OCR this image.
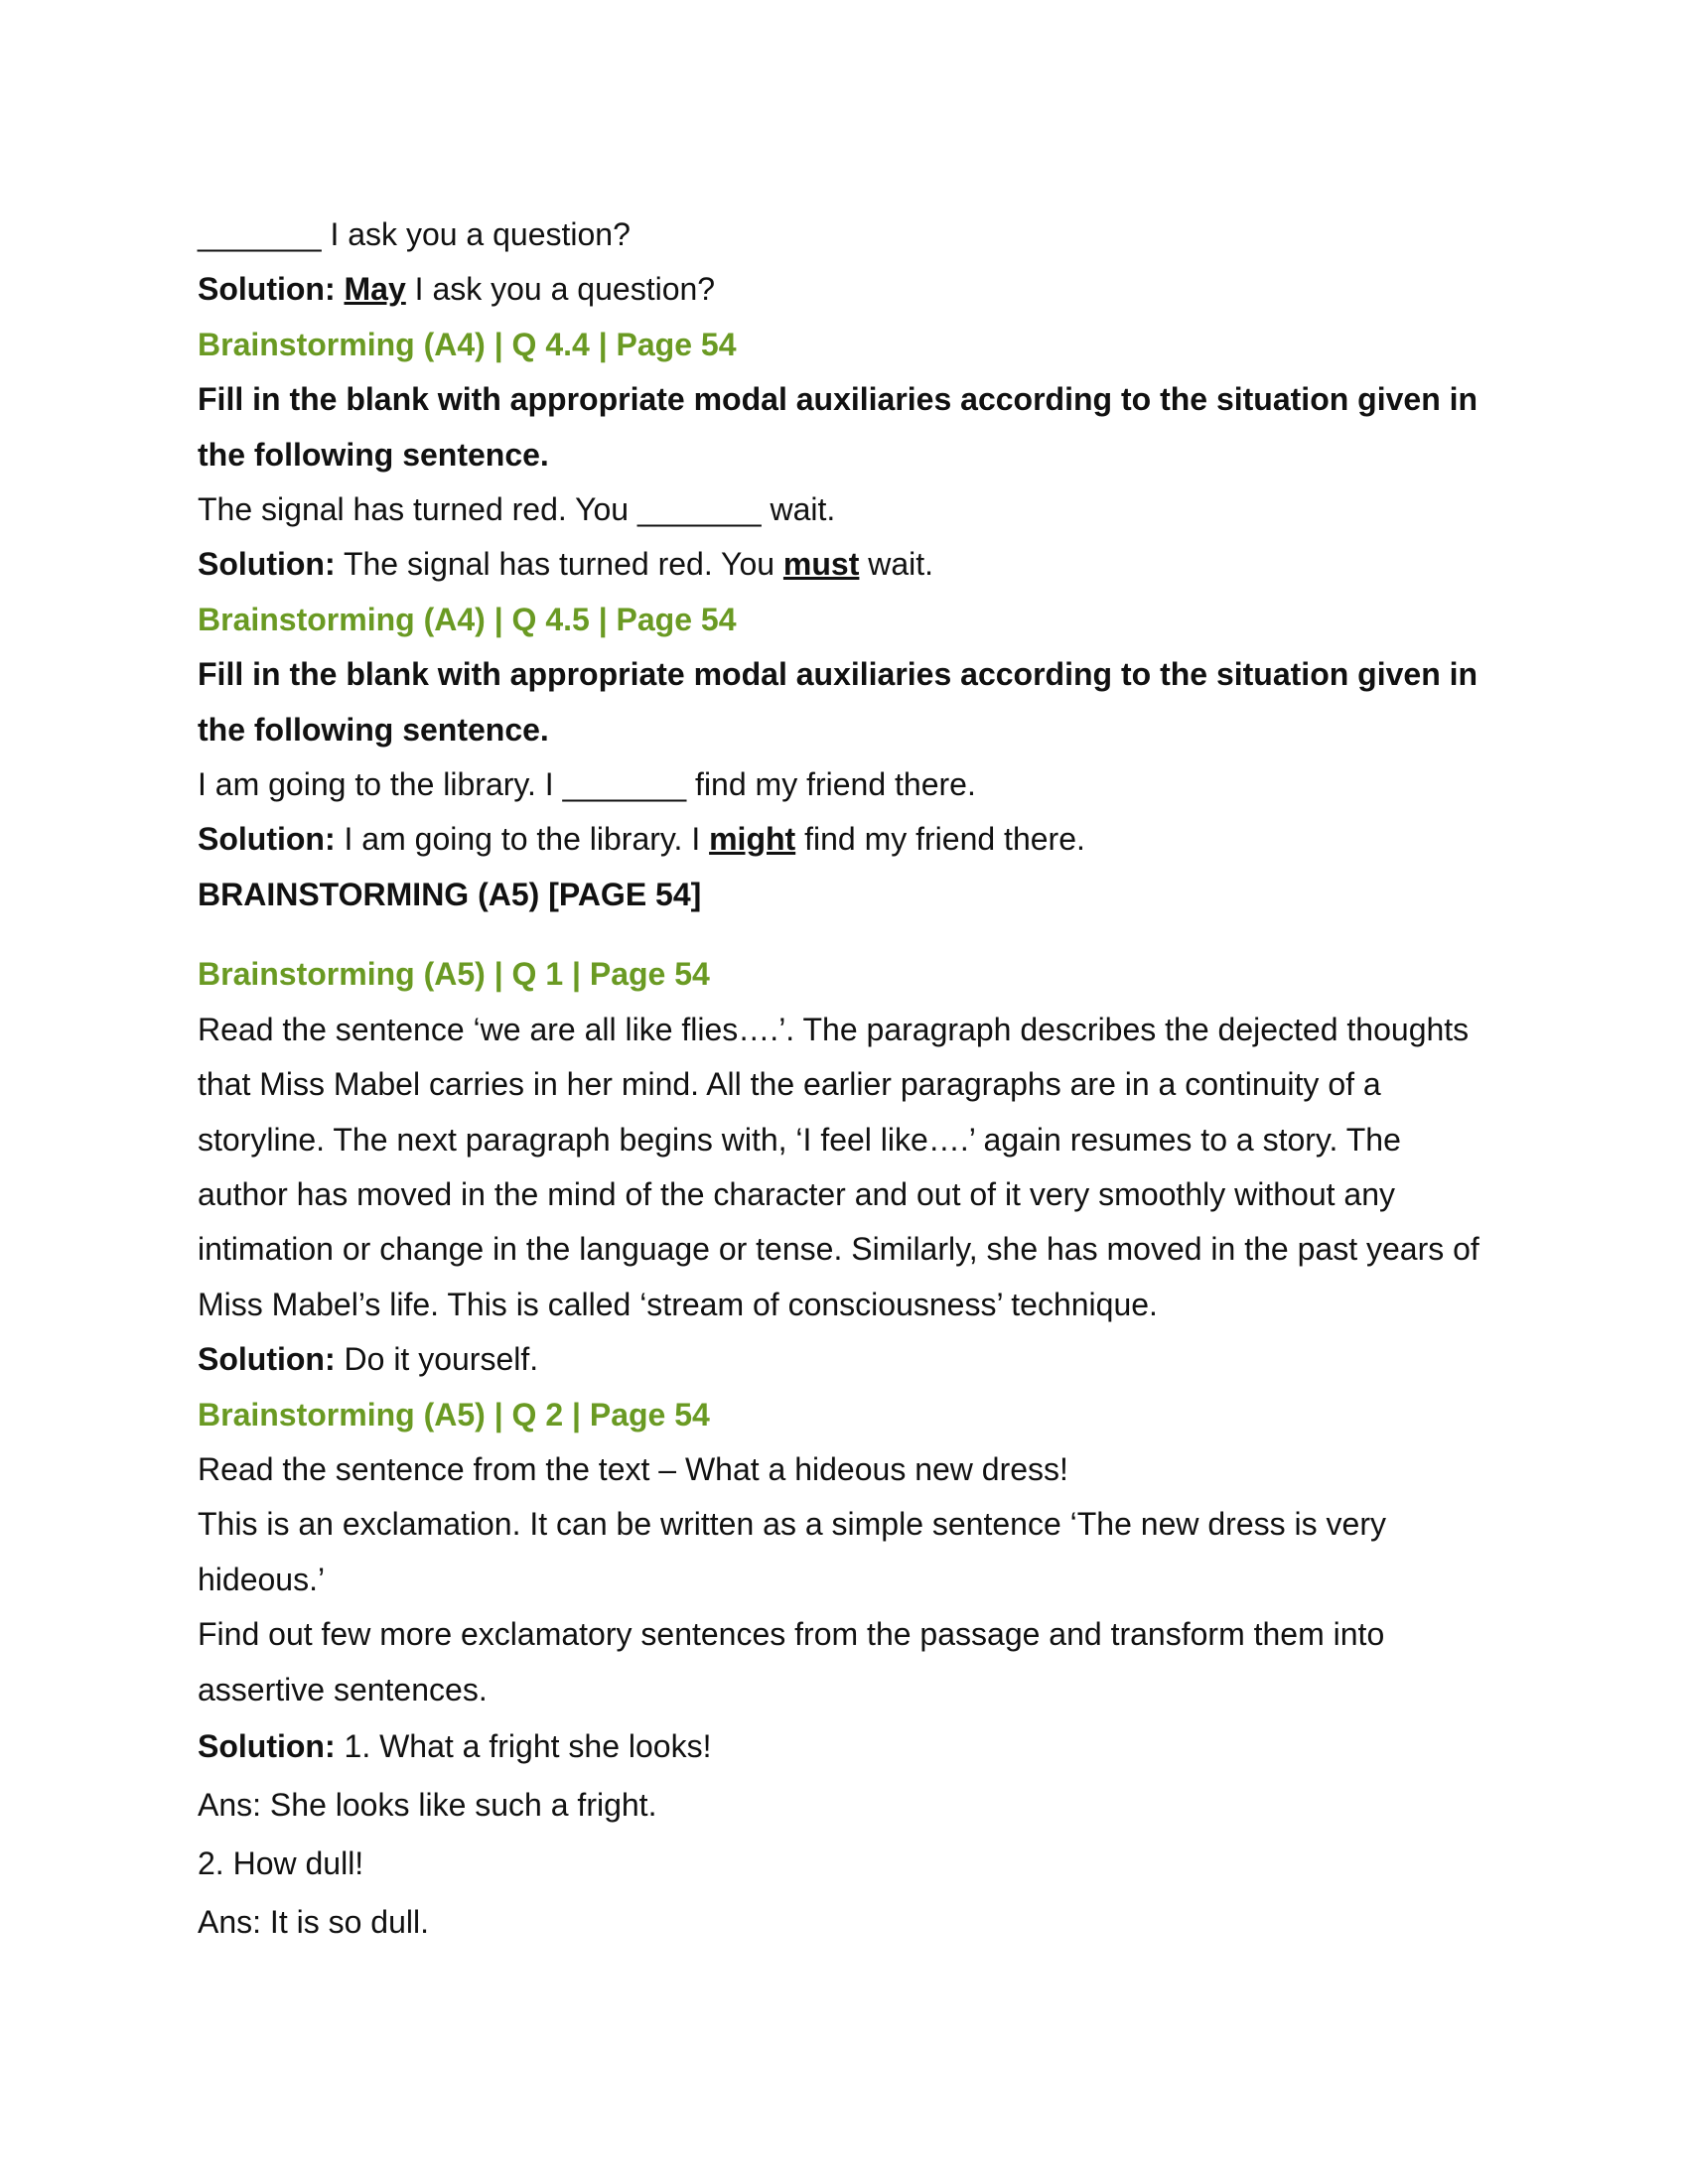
_______ I ask you a question?

Solution: May I ask you a question?

Brainstorming (A4) | Q 4.4 | Page 54

Fill in the blank with appropriate modal auxiliaries according to the situation given in the following sentence.

The signal has turned red. You _______ wait.

Solution: The signal has turned red. You must wait.

Brainstorming (A4) | Q 4.5 | Page 54

Fill in the blank with appropriate modal auxiliaries according to the situation given in the following sentence.

I am going to the library. I _______ find my friend there.

Solution: I am going to the library. I might find my friend there.

BRAINSTORMING (A5) [PAGE 54]

Brainstorming (A5) | Q 1 | Page 54

Read the sentence ‘we are all like flies….’. The paragraph describes the dejected thoughts that Miss Mabel carries in her mind. All the earlier paragraphs are in a continuity of a storyline. The next paragraph begins with, ‘I feel like….’ again resumes to a story. The author has moved in the mind of the character and out of it very smoothly without any intimation or change in the language or tense. Similarly, she has moved in the past years of Miss Mabel’s life. This is called ‘stream of consciousness’ technique.

Solution: Do it yourself.

Brainstorming (A5) | Q 2 | Page 54

Read the sentence from the text – What a hideous new dress!

This is an exclamation. It can be written as a simple sentence ‘The new dress is very hideous.’

Find out few more exclamatory sentences from the passage and transform them into assertive sentences.

Solution: 1. What a fright she looks!

Ans: She looks like such a fright.

2. How dull!

Ans: It is so dull.
